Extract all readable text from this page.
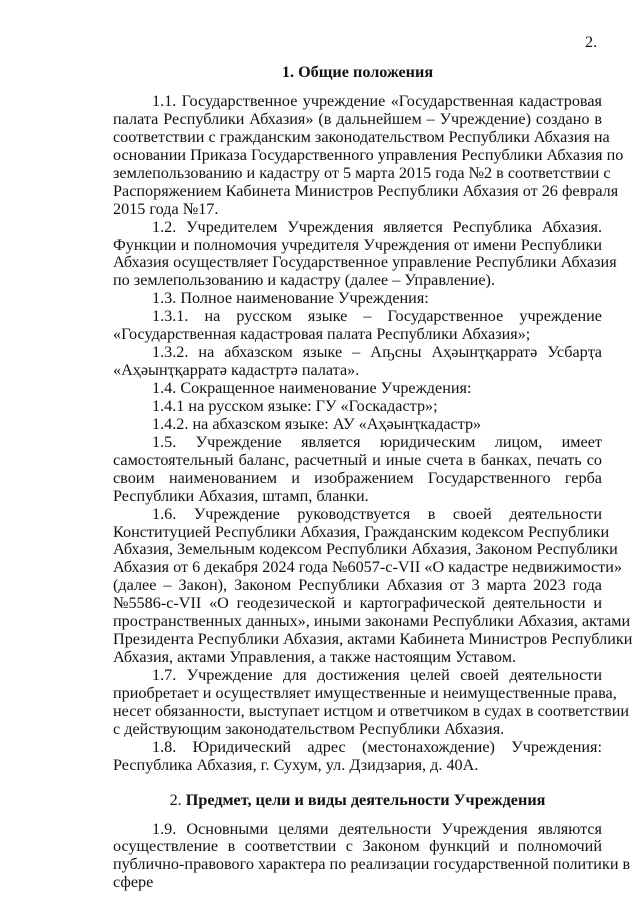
2.
1. Общие положения
1.1. Государственное учреждение «Государственная кадастровая
палата Республики Абхазия» (в дальнейшем – Учреждение) создано в
соответствии с гражданским законодательством Республики Абхазия на
основании Приказа Государственного управления Республики Абхазия по
землепользованию и кадастру от 5 марта 2015 года №2 в соответствии с
Распоряжением Кабинета Министров Республики Абхазия от 26 февраля
2015 года №17.
1.2. Учредителем Учреждения является Республика Абхазия.
Функции и полномочия учредителя Учреждения от имени Республики
Абхазия осуществляет Государственное управление Республики Абхазия
по землепользованию и кадастру (далее – Управление).
1.3. Полное наименование Учреждения:
1.3.1. на русском языке – Государственное учреждение
«Государственная кадастровая палата Республики Абхазия»;
1.3.2. на абхазском языке – Аҧсны Аҳәынҭқарратә Усбарҭа
«Аҳәынҭқарратә кадастртә палата».
1.4. Сокращенное наименование Учреждения:
1.4.1 на русском языке: ГУ «Госкадастр»;
1.4.2. на абхазском языке: АУ «Аҳәынҭкадастр»
1.5. Учреждение является юридическим лицом, имеет
самостоятельный баланс, расчетный и иные счета в банках, печать со
своим наименованием и изображением Государственного герба
Республики Абхазия, штамп, бланки.
1.6. Учреждение руководствуется в своей деятельности
Конституцией Республики Абхазия, Гражданским кодексом Республики
Абхазия, Земельным кодексом Республики Абхазия, Законом Республики
Абхазия от 6 декабря 2024 года №6057-с-VII «О кадастре недвижимости»
(далее – Закон), Законом Республики Абхазия от 3 марта 2023 года
№5586-с-VII «О геодезической и картографической деятельности и
пространственных данных», иными законами Республики Абхазия, актами
Президента Республики Абхазия, актами Кабинета Министров Республики
Абхазия, актами Управления, а также настоящим Уставом.
1.7. Учреждение для достижения целей своей деятельности
приобретает и осуществляет имущественные и неимущественные права,
несет обязанности, выступает истцом и ответчиком в судах в соответствии
с действующим законодательством Республики Абхазия.
1.8. Юридический адрес (местонахождение) Учреждения:
Республика Абхазия, г. Сухум, ул. Дзидзария, д. 40А.
2. Предмет, цели и виды деятельности Учреждения
1.9. Основными целями деятельности Учреждения являются
осуществление в соответствии с Законом функций и полномочий
публично-правового характера по реализации государственной политики в
сфере
